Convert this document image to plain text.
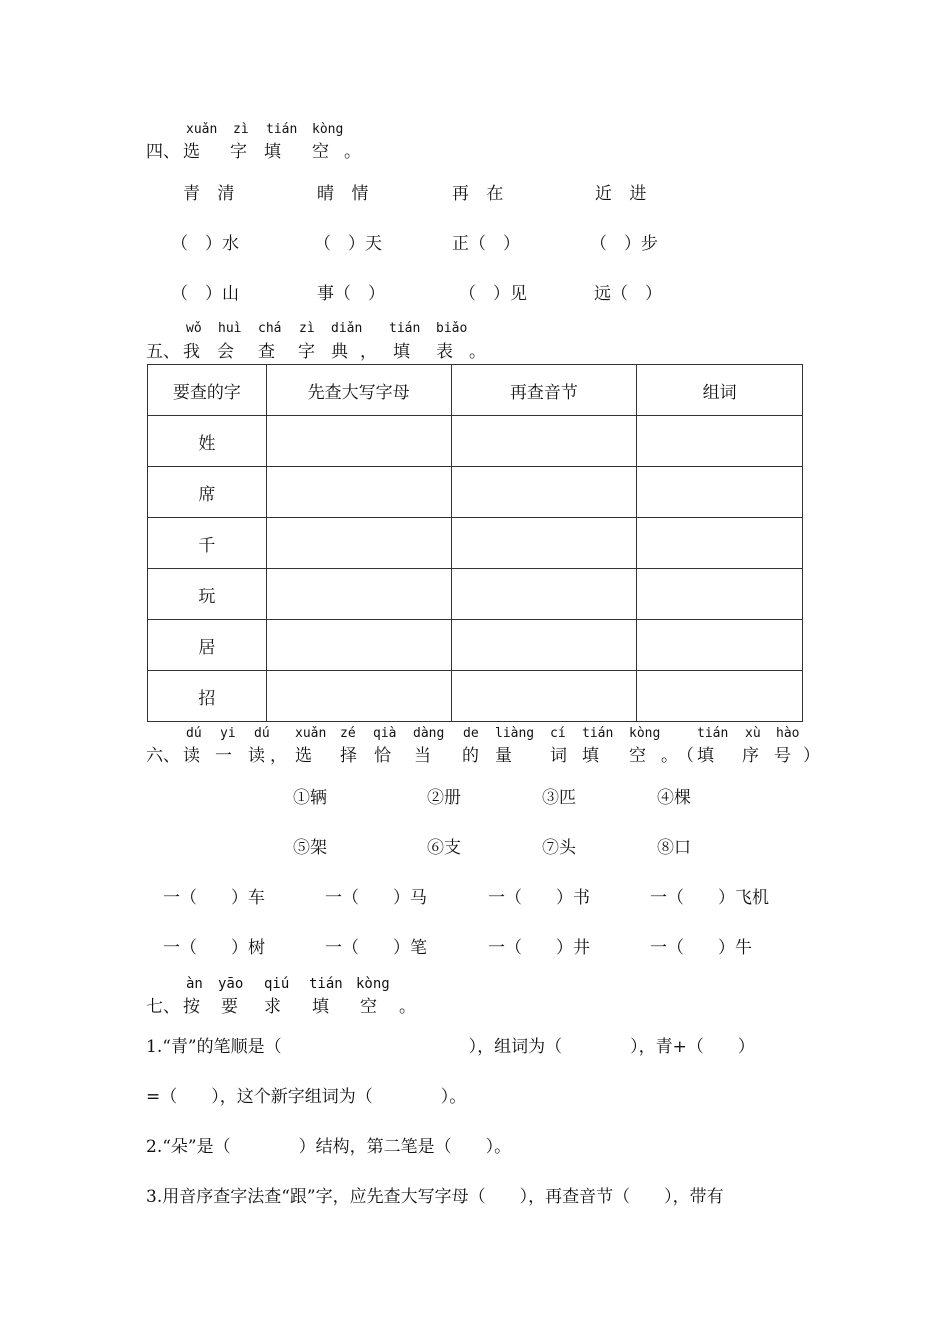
xuǎn zì tián kòng
四、 选 字 填 空 。
青 清	晴 情	再 在	近 进
（　）水	（　）天	正（　）	（　）步
（　）山	事（　）	（　）见	远（　）
wǒ huì chá zì diǎn tián biǎo
五、 我 会 查 字 典 ， 填 表 。
要查的字	先查大写字母	再查音节	组词
姓			
席			
千			
玩			
居			
招			
dú yi dú xuǎn zé qià dàng de liàng cí tián kòng	tián xù hào
六、 读 一 读 ， 选 择 恰 当 的 量 词 填 空 。 （ 填 序 号 ）
①辆	②册	③匹	④棵
⑤架	⑥支	⑦头	⑧口
一（　　）车	一（　　）马	一（　　）书	一（　　）飞机
一（　　）树	一（　　）笔	一（　　）井	一（　　）牛
àn yāo qiú tián kòng
七、 按 要 求 填 空 。
1.“青”的笔顺是（　　　　　　　　　　　），组词为（　　　　），青+（　　）
=（　　），这个新字组词为（　　　　）。
2.“朵”是（　　　　）结构，第二笔是（　　）。
3.用音序查字法查“跟”字，应先查大写字母（　　），再查音节（　　），带有
